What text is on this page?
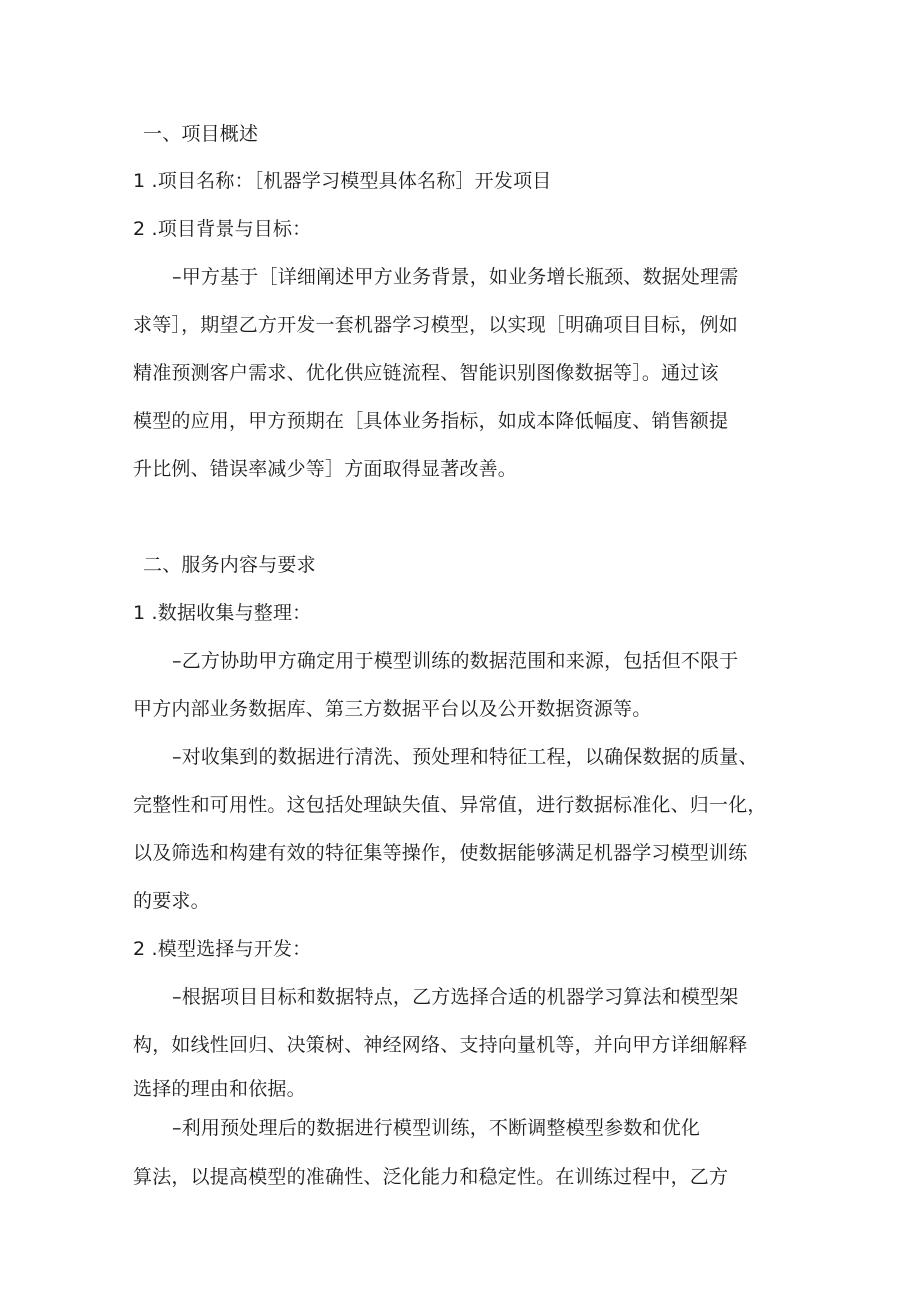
一、项目概述
1 .项目名称：［机器学习模型具体名称］开发项目
2 .项目背景与目标：
–甲方基于［详细阐述甲方业务背景，如业务增长瓶颈、数据处理需
求等］，期望乙方开发一套机器学习模型，以实现［明确项目目标，例如
精准预测客户需求、优化供应链流程、智能识别图像数据等］。通过该
模型的应用，甲方预期在［具体业务指标，如成本降低幅度、销售额提
升比例、错误率减少等］方面取得显著改善。
二、服务内容与要求
1 .数据收集与整理：
–乙方协助甲方确定用于模型训练的数据范围和来源，包括但不限于
甲方内部业务数据库、第三方数据平台以及公开数据资源等。
–对收集到的数据进行清洗、预处理和特征工程，以确保数据的质量、
完整性和可用性。这包括处理缺失值、异常值，进行数据标准化、归一化，
以及筛选和构建有效的特征集等操作，使数据能够满足机器学习模型训练
的要求。
2 .模型选择与开发：
–根据项目目标和数据特点，乙方选择合适的机器学习算法和模型架
构，如线性回归、决策树、神经网络、支持向量机等，并向甲方详细解释
选择的理由和依据。
–利用预处理后的数据进行模型训练，不断调整模型参数和优化
算法，以提高模型的准确性、泛化能力和稳定性。在训练过程中，乙方
